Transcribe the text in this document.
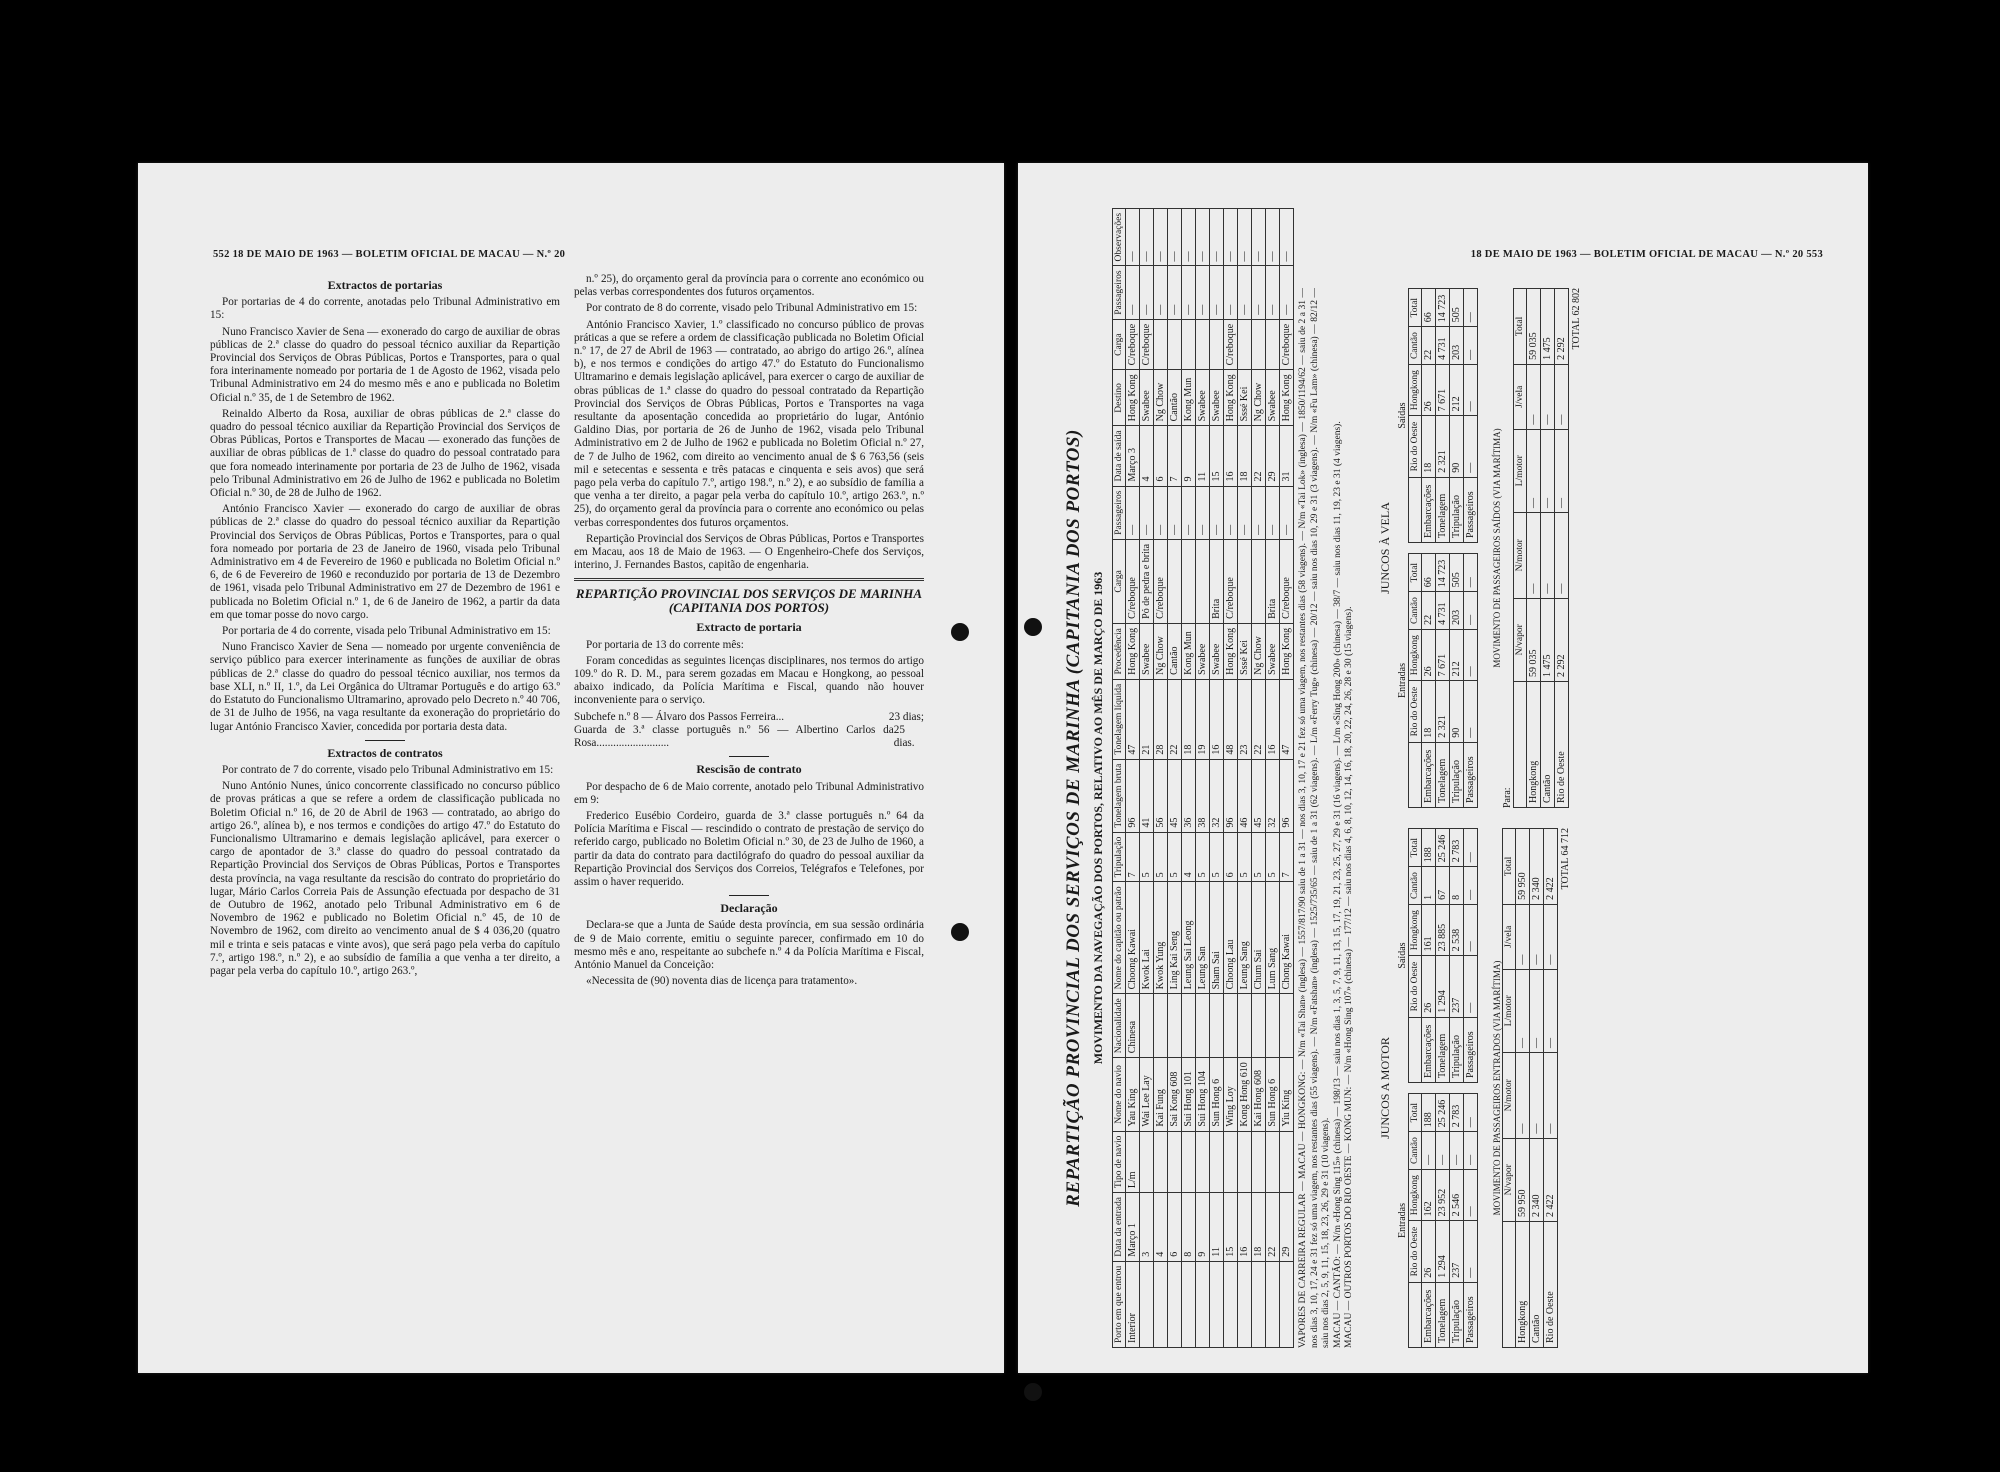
552 18 DE MAIO DE 1963 — BOLETIM OFICIAL DE MACAU — N.º 20
Extractos de portarias

Por portarias de 4 do corrente, anotadas pelo Tribunal Administrativo em 15:

Nuno Francisco Xavier de Sena — exonerado do cargo de auxiliar de obras públicas de 2.ª classe do quadro do pessoal técnico auxiliar da Repartição Provincial dos Serviços de Obras Públicas, Portos e Transportes, para o qual fora interinamente nomeado por portaria de 1 de Agosto de 1962, visada pelo Tribunal Administrativo em 24 do mesmo mês e ano e publicada no Boletim Oficial n.º 35, de 1 de Setembro de 1962.

Reinaldo Alberto da Rosa, auxiliar de obras públicas de 2.ª classe do quadro do pessoal técnico auxiliar da Repartição Provincial dos Serviços de Obras Públicas, Portos e Transportes de Macau — exonerado das funções de auxiliar de obras públicas de 1.ª classe do quadro do pessoal contratado para que fora nomeado interinamente por portaria de 23 de Julho de 1962, visada pelo Tribunal Administrativo em 26 de Julho de 1962 e publicada no Boletim Oficial n.º 30, de 28 de Julho de 1962.

António Francisco Xavier — exonerado do cargo de auxiliar de obras públicas de 2.ª classe do quadro do pessoal técnico auxiliar da Repartição Provincial dos Serviços de Obras Públicas, Portos e Transportes, para o qual fora nomeado por portaria de 23 de Janeiro de 1960, visada pelo Tribunal Administrativo em 4 de Fevereiro de 1960 e publicada no Boletim Oficial n.º 6, de 6 de Fevereiro de 1960 e reconduzido por portaria de 13 de Dezembro de 1961, visada pelo Tribunal Administrativo em 27 de Dezembro de 1961 e publicada no Boletim Oficial n.º 1, de 6 de Janeiro de 1962, a partir da data em que tomar posse do novo cargo.

Por portaria de 4 do corrente, visada pelo Tribunal Administrativo em 15:

Nuno Francisco Xavier de Sena — nomeado por urgente conveniência de serviço público para exercer interinamente as funções de auxiliar de obras públicas de 2.ª classe do quadro do pessoal técnico auxiliar, nos termos da base XLI, n.º II, 1.º, da Lei Orgânica do Ultramar Português e do artigo 63.º do Estatuto do Funcionalismo Ultramarino, aprovado pelo Decreto n.º 40 706, de 31 de Julho de 1956, na vaga resultante da exoneração do proprietário do lugar António Francisco Xavier, concedida por portaria desta data.

Extractos de contratos

Por contrato de 7 do corrente, visado pelo Tribunal Administrativo em 15:

Nuno António Nunes, único concorrente classificado no concurso público de provas práticas a que se refere a ordem de classificação publicada no Boletim Oficial n.º 16, de 20 de Abril de 1963 — contratado, ao abrigo do artigo 26.º, alínea b), e nos termos e condições do artigo 47.º do Estatuto do Funcionalismo Ultramarino e demais legislação aplicável, para exercer o cargo de apontador de 3.ª classe do quadro do pessoal contratado da Repartição Provincial dos Serviços de Obras Públicas, Portos e Transportes desta província, na vaga resultante da rescisão do contrato do proprietário do lugar, Mário Carlos Correia Pais de Assunção efectuada por despacho de 31 de Outubro de 1962, anotado pelo Tribunal Administrativo em 6 de Novembro de 1962 e publicado no Boletim Oficial n.º 45, de 10 de Novembro de 1962, com direito ao vencimento anual de $ 4 036,20 (quatro mil e trinta e seis patacas e vinte avos), que será pago pela verba do capítulo 7.º, artigo 198.º, n.º 2), e ao subsídio de família a que venha a ter direito, a pagar pela verba do capítulo 10.º, artigo 263.º,

n.º 25), do orçamento geral da província para o corrente ano económico ou pelas verbas correspondentes dos futuros orçamentos.

Por contrato de 8 do corrente, visado pelo Tribunal Administrativo em 15:

António Francisco Xavier, 1.º classificado no concurso público de provas práticas a que se refere a ordem de classificação publicada no Boletim Oficial n.º 17, de 27 de Abril de 1963 — contratado, ao abrigo do artigo 26.º, alínea b), e nos termos e condições do artigo 47.º do Estatuto do Funcionalismo Ultramarino e demais legislação aplicável, para exercer o cargo de auxiliar de obras públicas de 1.ª classe do quadro do pessoal contratado da Repartição Provincial dos Serviços de Obras Públicas, Portos e Transportes na vaga resultante da aposentação concedida ao proprietário do lugar, António Galdino Dias, por portaria de 26 de Junho de 1962, visada pelo Tribunal Administrativo em 2 de Julho de 1962 e publicada no Boletim Oficial n.º 27, de 7 de Julho de 1962, com direito ao vencimento anual de $ 6 763,56 (seis mil e setecentas e sessenta e três patacas e cinquenta e seis avos) que será pago pela verba do capítulo 7.º, artigo 198.º, n.º 2), e ao subsídio de família a que venha a ter direito, a pagar pela verba do capítulo 10.º, artigo 263.º, n.º 25), do orçamento geral da província para o corrente ano económico ou pelas verbas correspondentes dos futuros orçamentos.

Repartição Provincial dos Serviços de Obras Públicas, Portos e Transportes em Macau, aos 18 de Maio de 1963. — O Engenheiro-Chefe dos Serviços, interino, J. Fernandes Bastos, capitão de engenharia.

REPARTIÇÃO PROVINCIAL DOS SERVIÇOS DE MARINHA (CAPITANIA DOS PORTOS)
Extracto de portaria

Por portaria de 13 do corrente mês:

Foram concedidas as seguintes licenças disciplinares, nos termos do artigo 109.º do R. D. M., para serem gozadas em Macau e Hongkong, ao pessoal abaixo indicado, da Polícia Marítima e Fiscal, quando não houver inconveniente para o serviço.

Subchefe n.º 8 — Álvaro dos Passos Ferreira...	23 dias;
Guarda de 3.ª classe português n.º 56 — Albertino Carlos da Rosa..........................
25 dias.
Rescisão de contrato

Por despacho de 6 de Maio corrente, anotado pelo Tribunal Administrativo em 9:

Frederico Eusébio Cordeiro, guarda de 3.ª classe português n.º 64 da Polícia Marítima e Fiscal — rescindido o contrato de prestação de serviço do referido cargo, publicado no Boletim Oficial n.º 30, de 23 de Julho de 1960, a partir da data do contrato para dactilógrafo do quadro do pessoal auxiliar da Repartição Provincial dos Serviços dos Correios, Telégrafos e Telefones, por assim o haver requerido.

Declaração

Declara-se que a Junta de Saúde desta província, em sua sessão ordinária de 9 de Maio corrente, emitiu o seguinte parecer, confirmado em 10 do mesmo mês e ano, respeitante ao subchefe n.º 4 da Polícia Marítima e Fiscal, António Manuel da Conceição:

«Necessita de (90) noventa dias de licença para tratamento».

18 DE MAIO DE 1963 — BOLETIM OFICIAL DE MACAU — N.º 20 553
REPARTIÇÃO PROVINCIAL DOS SERVIÇOS DE MARINHA (CAPITANIA DOS PORTOS) MOVIMENTO DA NAVEGAÇÃO DOS PORTOS, RELATIVO AO MÊS DE MARÇO DE 1963
Porto em que entrou	Data da entrada	Tipo de navio	Nome do navio	Nacionalidade	Nome do capitão ou patrão	Tripulação	Tonelagem bruta	Tonelagem líquida	Procedência	Carga	Passageiros	Data de saída	Destino	Carga	Passageiros	Observações
Interior	Março 1	L/m	Yau King	Chinesa	Choong Kawai	7	96	47	Hong Kong	C/reboque	—	Março 3	Hong Kong	C/reboque	—	—
	3		Wai Lee Lay		Kwok Lai	5	41	21	Swabee	Pó de pedra e brita	—	4	Swabee	C/reboque	—	—
	4		Kai Fung		Kwok Yung	5	56	28	Ng Chow	C/reboque	—	6	Ng Chow		—	—
	6		Sai Kong 608		Ling Kai Seng	5	45	22	Cantão		—	7	Cantão		—	—
	8		Sui Hong 101		Leung Sai Leong	4	36	18	Kong Mun		—	9	Kong Mun		—	—
	9		Sui Hong 104		Leung San	5	38	19	Swabee		—	11	Swabee		—	—
	11		Sun Hong 6		Sham Sai	5	32	16	Swabee	Brita	—	15	Swabee		—	—
	15		Wing Loy		Choong Lau	6	96	48	Hong Kong	C/reboque	—	16	Hong Kong	C/reboque	—	—
	16		Kong Hong 610		Leung Sang	5	46	23	Sssé Kei		—	18	Sssé Kei		—	—
	18		Kai Hong 608		Chum Sai	5	45	22	Ng Chow		—	22	Ng Chow		—	—
	22		Sun Hong 6		Lum Sang	5	32	16	Swabee	Brita	—	29	Swabee		—	—
	29		Yiu King		Chong Kawai	7	96	47	Hong Kong	C/reboque	—	31	Hong Kong	C/reboque	—	—
VAPORES DE CARREIRA REGULAR — MACAU — HONGKONG: — N/m «Tai Shan» (inglesa) — 1557/817/90 saiu de 1 a 31 — nos dias 3, 10, 17 e 21 fez só uma viagem, nos restantes dias (58 viagens). — N/m «Tai Lok» (inglesa) — 1850/1194/62 — saiu de 2 a 31 — nos dias 3, 10, 17, 24 e 31 fez só uma viagem, nos restantes dias (55 viagens). — N/m «Fatshan» (inglesa) — 1525/735/65 — saiu de 1 a 31 (62 viagens). — L/m «Ferry Tug» (chinesa) — 20/12 — saiu nos dias 10, 29 e 31 (3 viagens). — N/m «Fu Lam» (chinesa) — 82/12 — saiu nos dias 2, 5, 9, 11, 15, 18, 23, 26, 29 e 31 (10 viagens). MACAU — CANTÃO: — N/m «Hong Sing 115» (chinesa) — 198/13 — saiu nos dias 1, 3, 5, 7, 9, 11, 13, 15, 17, 19, 21, 23, 25, 27, 29 e 31 (16 viagens). — L/m «Sing Hong 200» (chinesa) — 38/7 — saiu nos dias 11, 19, 23 e 31 (4 viagens). MACAU — OUTROS PORTOS DO RIO OESTE — KONG MUN: — N/m «Hong Sing 107» (chinesa) — 177/12 — saiu nos dias 4, 6, 8, 10, 12, 14, 16, 18, 20, 22, 24, 26, 28 e 30 (15 viagens). JUNCOS A MOTOR
Entradas
	Rio do Oeste	Hongkong	Cantão	Total
Embarcações	26	162	—	188
Tonelagem	1 294	23 952	—	25 246
Tripulação	237	2 546	—	2 783
Passageiros	—	—	—	—
Saídas
	Rio do Oeste	Hongkong	Cantão	Total
Embarcações	26	161	1	188
Tonelagem	1 294	23 885	67	25 246
Tripulação	237	2 538	8	2 783
Passageiros	—	—	—	—
JUNCOS À VELA
Entradas
	Rio do Oeste	Hongkong	Cantão	Total
Embarcações	18	26	22	66
Tonelagem	2 321	7 671	4 731	14 723
Tripulação	90	212	203	505
Passageiros	—	—	—	—
Saídas
	Rio do Oeste	Hongkong	Cantão	Total
Embarcações	18	26	22	66
Tonelagem	2 321	7 671	4 731	14 723
Tripulação	90	212	203	505
Passageiros	—	—	—	—
MOVIMENTO DE PASSAGEIROS ENTRADOS (VIA MARÍTIMA)
	N/vapor	N/motor	L/motor	J/vela	Total
Hongkong	59 950	—	—	—	59 950
Cantão	2 340	—	—	—	2 340
Rio de Oeste	2 422	—	—	—	2 422 TOTAL 64 712
MOVIMENTO DE PASSAGEIROS SAÍDOS (VIA MARÍTIMA)
Para:
	N/vapor	N/motor	L/motor	J/vela	Total
Hongkong	59 035	—	—	—	59 035
Cantão	1 475	—	—	—	1 475
Rio de Oeste	2 292	—	—	—	2 292 TOTAL 62 802
